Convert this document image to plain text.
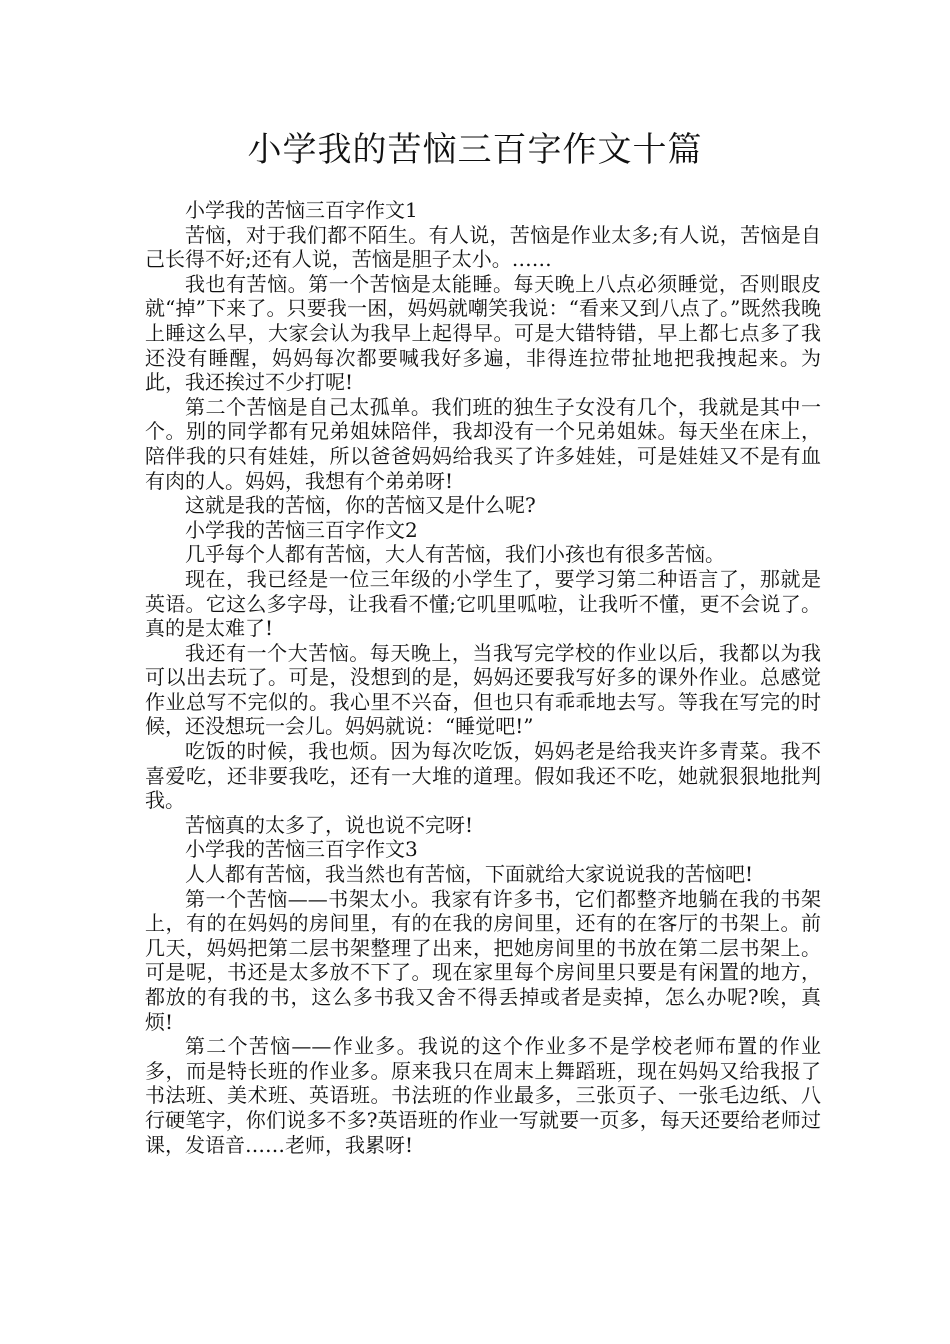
小学我的苦恼三百字作文十篇

小学我的苦恼三百字作文1

苦恼，对于我们都不陌生。有人说，苦恼是作业太多;有人说，苦恼是自己长得不好;还有人说，苦恼是胆子太小。……

我也有苦恼。第一个苦恼是太能睡。每天晚上八点必须睡觉，否则眼皮就“掉”下来了。只要我一困，妈妈就嘲笑我说：“看来又到八点了。”既然我晚上睡这么早，大家会认为我早上起得早。可是大错特错，早上都七点多了我还没有睡醒，妈妈每次都要喊我好多遍，非得连拉带扯地把我拽起来。为此，我还挨过不少打呢!

第二个苦恼是自己太孤单。我们班的独生子女没有几个，我就是其中一个。别的同学都有兄弟姐妹陪伴，我却没有一个兄弟姐妹。每天坐在床上，陪伴我的只有娃娃，所以爸爸妈妈给我买了许多娃娃，可是娃娃又不是有血有肉的人。妈妈，我想有个弟弟呀!

这就是我的苦恼，你的苦恼又是什么呢?

小学我的苦恼三百字作文2

几乎每个人都有苦恼，大人有苦恼，我们小孩也有很多苦恼。

现在，我已经是一位三年级的小学生了，要学习第二种语言了，那就是英语。它这么多字母，让我看不懂;它叽里呱啦，让我听不懂，更不会说了。真的是太难了!

我还有一个大苦恼。每天晚上，当我写完学校的作业以后，我都以为我可以出去玩了。可是，没想到的是，妈妈还要我写好多的课外作业。总感觉作业总写不完似的。我心里不兴奋，但也只有乖乖地去写。等我在写完的时候，还没想玩一会儿。妈妈就说：“睡觉吧!”

吃饭的时候，我也烦。因为每次吃饭，妈妈老是给我夹许多青菜。我不喜爱吃，还非要我吃，还有一大堆的道理。假如我还不吃，她就狠狠地批判我。

苦恼真的太多了，说也说不完呀!

小学我的苦恼三百字作文3

人人都有苦恼，我当然也有苦恼，下面就给大家说说我的苦恼吧!

第一个苦恼——书架太小。我家有许多书，它们都整齐地躺在我的书架上，有的在妈妈的房间里，有的在我的房间里，还有的在客厅的书架上。前几天，妈妈把第二层书架整理了出来，把她房间里的书放在第二层书架上。可是呢，书还是太多放不下了。现在家里每个房间里只要是有闲置的地方，都放的有我的书，这么多书我又舍不得丢掉或者是卖掉，怎么办呢?唉，真烦!

第二个苦恼——作业多。我说的这个作业多不是学校老师布置的作业多，而是特长班的作业多。原来我只在周末上舞蹈班，现在妈妈又给我报了书法班、美术班、英语班。书法班的作业最多，三张页子、一张毛边纸、八行硬笔字，你们说多不多?英语班的作业一写就要一页多，每天还要给老师过课，发语音……老师，我累呀!
